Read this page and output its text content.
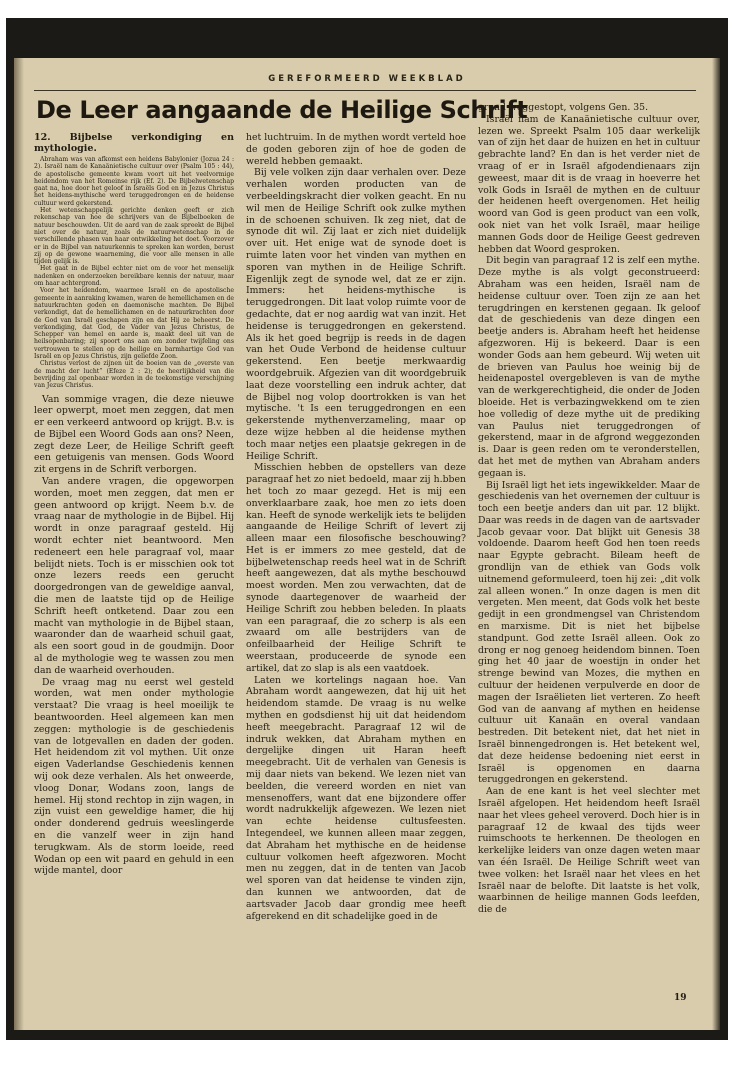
GEREFORMEERD WEEKBLAD
De Leer aangaande de Heilige Schrift

12. Bijbelse verkondiging en mythologie.

Abraham was van afkomst een heidens Babylonier (Jozua 24 : 2). Israël nam de Kanaänietische cultuur over (Psalm 105 : 44), de apostolische gemeente kwam voort uit het veelvormige heidendom van het Romeinse rijk (Ef. 2). De Bijbelwetenschap gaat na, hoe door het geloof in Israëls God en in Jezus Christus het heidens-mythische werd teruggedrongen en de heidense cultuur werd gekerstend.

Het wetenschappelijk gerichte denken geeft er zich rekenschap van hoe de schrijvers van de Bijbelboeken de natuur beschouwden. Uit de aard van de zaak spreekt de Bijbel niet over de natuur, zoals de natuurwetenschap in de verschillende phasen van haar ontwikkeling het doet. Voorzover er in de Bijbel van natuurkennis te spreken kan worden, berust zij op de gewone waarneming, die voor alle mensen in alle tijden gelijk is.

Het gaat in de Bijbel echter niet om de voor het menselijk nadenken en onderzoeken bereikbare kennis der natuur, maar om haar achtergrond.

Voor het heidendom, waarmee Israël en de apostolische gemeente in aanraking kwamen, waren de hemellichamen en de natuurkrachten goden en daemonische machten. De Bijbel verkondigt, dat de hemellichamen en de natuurkrachten door de God van Israël geschapen zijn en dat Hij ze beheerst. De verkondiging, dat God, de Vader van Jezus Christus, de Schepper van hemel en aarde is, maakt deel uit van de heilsopenbaring; zij spoort ons aan om zonder twijfeling ons vertrouwen te stellen op de heilige en barmhartige God van Israël en op Jezus Christus, zijn geliefde Zoon.

Christus verlost de zijnen uit de boeien van de „overste van de macht der lucht” (Efeze 2 : 2); de heerlijkheid van die bevrijding zal openbaar worden in de toekomstige verschijning van Jezus Christus.

Van sommige vragen, die deze nieuwe leer opwerpt, moet men zeggen, dat men er een verkeerd antwoord op krijgt. B.v. is de Bijbel een Woord Gods aan ons? Neen, zegt deze Leer, de Heilige Schrift geeft een getuigenis van mensen. Gods Woord zit ergens in de Schrift verborgen.

Van andere vragen, die opgeworpen worden, moet men zeggen, dat men er geen antwoord op krijgt. Neem b.v. de vraag naar de mythologie in de Bijbel. Hij wordt in onze paragraaf gesteld. Hij wordt echter niet beantwoord. Men redeneert een hele paragraaf vol, maar belijdt niets. Toch is er misschien ook tot onze lezers reeds een gerucht doorgedrongen van de geweldige aanval, die men de laatste tijd op de Heilige Schrift heeft ontketend. Daar zou een macht van mythologie in de Bijbel staan, waaronder dan de waarheid schuil gaat, als een soort goud in de goudmijn. Door al de mythologie weg te wassen zou men dan de waarheid overhouden.

De vraag mag nu eerst wel gesteld worden, wat men onder mythologie verstaat? Die vraag is heel moeilijk te beantwoorden. Heel algemeen kan men zeggen: mythologie is de geschiedenis van de lotgevallen en daden der goden. Het heidendom zit vol mythen. Uit onze eigen Vaderlandse Geschiedenis kennen wij ook deze verhalen. Als het onweerde, vloog Donar, Wodans zoon, langs de hemel. Hij stond rechtop in zijn wagen, in zijn vuist een geweldige hamer, die hij onder donderend gedruis weeslingerde en die vanzelf weer in zijn hand terugkwam. Als de storm loeide, reed Wodan op een wit paard en gehuld in een wijde mantel, door

het luchtruim. In de mythen wordt verteld hoe de goden geboren zijn of hoe de goden de wereld hebben gemaakt.

Bij vele volken zijn daar verhalen over. Deze verhalen worden producten van de verbeeldingskracht dier volken geacht. En nu wil men de Heilige Schrift ook zulke mythen in de schoenen schuiven. Ik zeg niet, dat de synode dit wil. Zij laat er zich niet duidelijk over uit. Het enige wat de synode doet is ruimte laten voor het vinden van mythen en sporen van mythen in de Heilige Schrift. Eigenlijk zegt de synode wel, dat ze er zijn. Immers: het heidens-mythische is teruggedrongen. Dit laat volop ruimte voor de gedachte, dat er nog aardig wat van inzit. Het heidense is teruggedrongen en gekerstend. Als ik het goed begrijp is reeds in de dagen van het Oude Verbond de heidense cultuur gekerstend. Een beetje merkwaardig woordgebruik. Afgezien van dit woordgebruik laat deze voorstelling een indruk achter, dat de Bijbel nog volop doortrokken is van het mytische. 't Is een teruggedrongen en een gekerstende mythenverzameling, maar op deze wijze hebben al die heidense mythen toch maar netjes een plaatsje gekregen in de Heilige Schrift.

Misschien hebben de opstellers van deze paragraaf het zo niet bedoeld, maar zij h.bben het toch zo maar gezegd. Het is mij een onverklaarbare zaak, hoe men zo iets doen kan. Heeft de synode werkelijk iets te belijden aangaande de Heilige Schrift of levert zij alleen maar een filosofische beschouwing? Het is er immers zo mee gesteld, dat de bijbelwetenschap reeds heel wat in de Schrift heeft aangewezen, dat als mythe beschouwd moest worden. Men zou verwachten, dat de synode daartegenover de waarheid der Heilige Schrift zou hebben beleden. In plaats van een paragraaf, die zo scherp is als een zwaard om alle bestrijders van de onfeilbaarheid der Heilige Schrift te weerstaan, produceerde de synode een artikel, dat zo slap is als een vaatdoek.

Laten we kortelings nagaan hoe. Van Abraham wordt aangewezen, dat hij uit het heidendom stamde. De vraag is nu welke mythen en godsdienst hij uit dat heidendom heeft meegebracht. Paragraaf 12 wil de indruk wekken, dat Abraham mythen en dergelijke dingen uit Haran heeft meegebracht. Uit de verhalen van Genesis is mij daar niets van bekend. We lezen niet van beelden, die vereerd worden en niet van mensenoffers, want dat ene bijzondere offer wordt nadrukkelijk afgewezen. We lezen niet van echte heidense cultusfeesten. Integendeel, we kunnen alleen maar zeggen, dat Abraham het mythische en de heidense cultuur volkomen heeft afgezworen. Mocht men nu zeggen, dat in de tenten van Jacob wel sporen van dat heidense te vinden zijn, dan kunnen we antwoorden, dat de aartsvader Jacob daar grondig mee heeft afgerekend en dit schadelijke goed in de

grond weggestopt, volgens Gen. 35.

Israël nam de Kanaänietische cultuur over, lezen we. Spreekt Psalm 105 daar werkelijk van of zijn het daar de huizen en het in cultuur gebrachte land? En dan is het verder niet de vraag of er in Israël afgodendienaars zijn geweest, maar dit is de vraag in hoeverre het volk Gods in Israël de mythen en de cultuur der heidenen heeft overgenomen. Het heilig woord van God is geen product van een volk, ook niet van het volk Israël, maar heilige mannen Gods door de Heilige Geest gedreven hebben dat Woord gesproken.

Dit begin van paragraaf 12 is zelf een mythe. Deze mythe is als volgt geconstrueerd: Abraham was een heiden, Israël nam de heidense cultuur over. Toen zijn ze aan het terugdringen en kerstenen gegaan. Ik geloof dat de geschiedenis van deze dingen een beetje anders is. Abraham heeft het heidense afgezworen. Hij is bekeerd. Daar is een wonder Gods aan hem gebeurd. Wij weten uit de brieven van Paulus hoe weinig bij de heidenapostel overgebleven is van de mythe van de werkgerechtigheid, die onder de Joden bloeide. Het is verbazingwekkend om te zien hoe volledig of deze mythe uit de prediking van Paulus niet teruggedrongen of gekerstend, maar in de afgrond weggezonden is. Daar is geen reden om te veronderstellen, dat het met de mythen van Abraham anders gegaan is.

Bij Israël ligt het iets ingewikkelder. Maar de geschiedenis van het overnemen der cultuur is toch een beetje anders dan uit par. 12 blijkt. Daar was reeds in de dagen van de aartsvader Jacob gevaar voor. Dat blijkt uit Genesis 38 voldoende. Daarom heeft God hen toen reeds naar Egypte gebracht. Bileam heeft de grondlijn van de ethiek van Gods volk uitnemend geformuleerd, toen hij zei: „dit volk zal alleen wonen.” In onze dagen is men dit vergeten. Men meent, dat Gods volk het beste gedijt in een grondmengsel van Christendom en marxisme. Dit is niet het bijbelse standpunt. God zette Israël alleen. Ook zo drong er nog genoeg heidendom binnen. Toen ging het 40 jaar de woestijn in onder het strenge bewind van Mozes, die mythen en cultuur der heidenen verpulverde en door de magen der Israëlieten liet verteren. Zo heeft God van de aanvang af mythen en heidense cultuur uit Kanaän en overal vandaan bestreden. Dit betekent niet, dat het niet in Israël binnengedrongen is. Het betekent wel, dat deze heidense bedoening niet eerst in Israël is opgenomen en daarna teruggedrongen en gekerstend.

Aan de ene kant is het veel slechter met Israël afgelopen. Het heidendom heeft Israël naar het vlees geheel veroverd. Doch hier is in paragraaf 12 de kwaal des tijds weer ruimschoots te herkennen. De theologen en kerkelijke leiders van onze dagen weten maar van één Israël. De Heilige Schrift weet van twee volken: het Israël naar het vlees en het Israël naar de belofte. Dit laatste is het volk, waarbinnen de heilige mannen Gods leefden, die de

19
